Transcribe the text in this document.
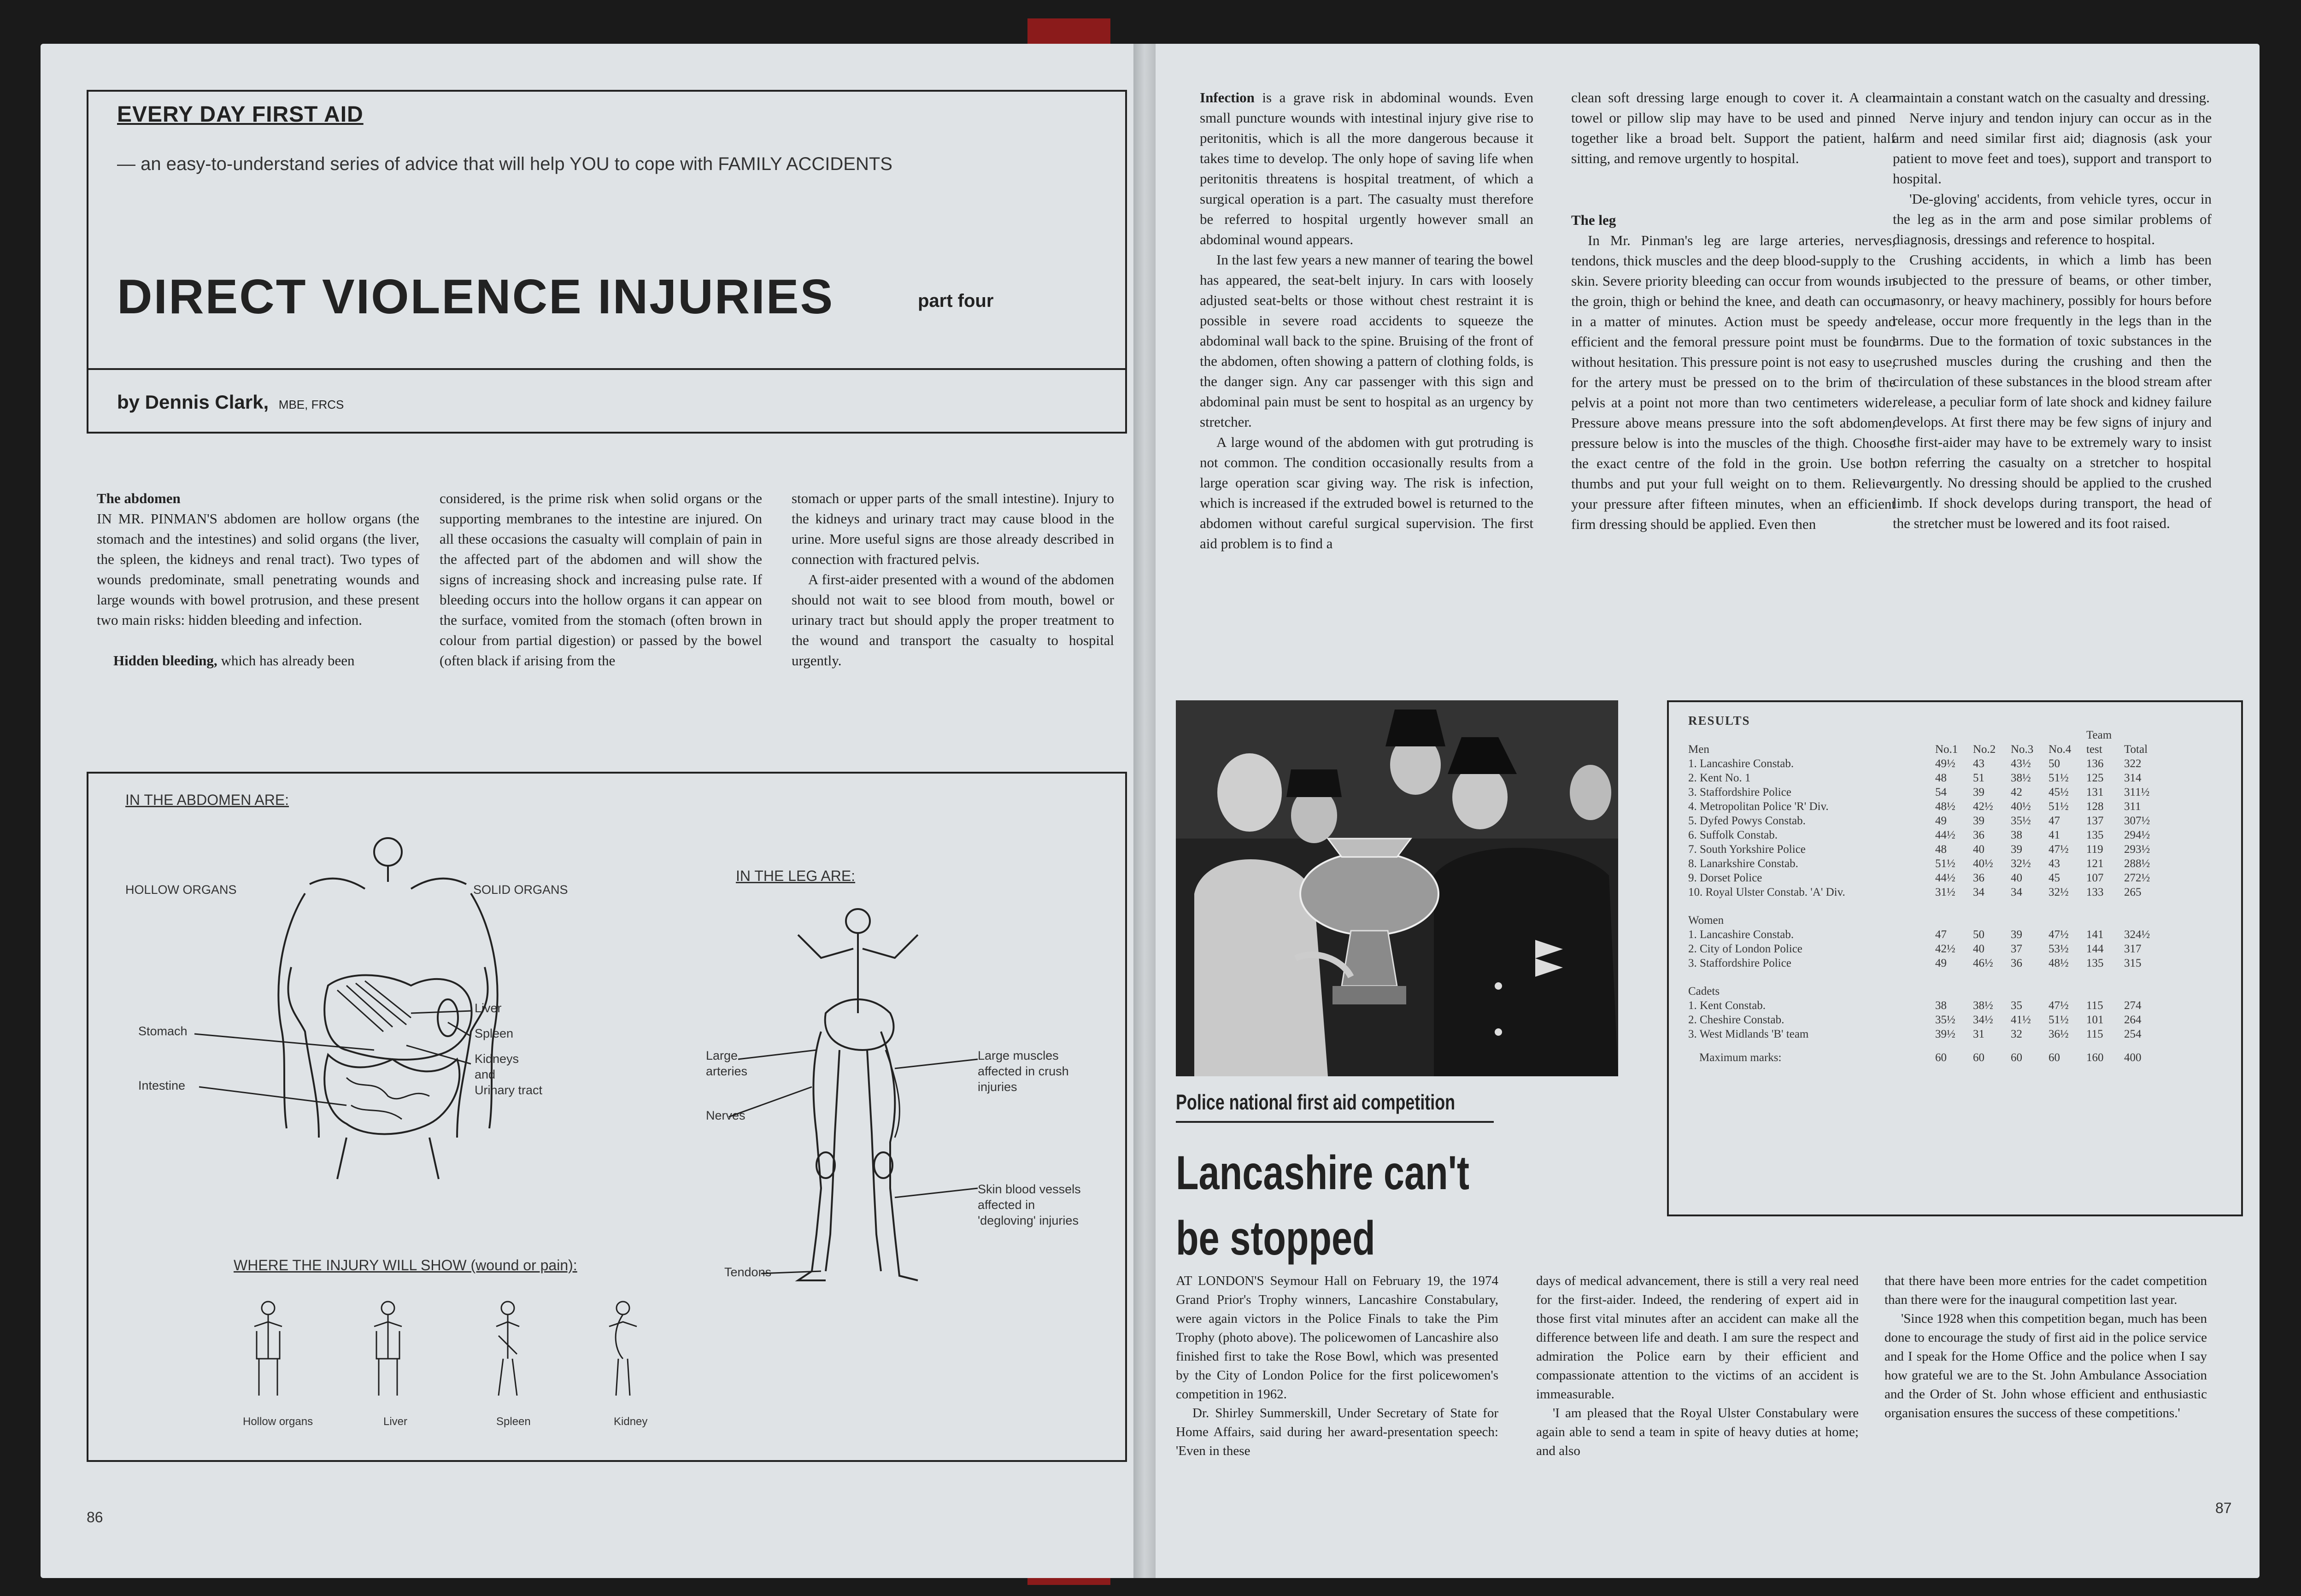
EVERY DAY FIRST AID
— an easy-to-understand series of advice that will help YOU to cope with FAMILY ACCIDENTS
DIRECT VIOLENCE INJURIES	part four
by Dennis Clark, MBE, FRCS

The abdomen

IN MR. PINMAN'S abdomen are hollow organs (the stomach and the intestines) and solid organs (the liver, the spleen, the kidneys and renal tract). Two types of wounds predominate, small penetrating wounds and large wounds with bowel protrusion, and these present two main risks: hidden bleeding and infection.

Hidden bleeding, which has already been

considered, is the prime risk when solid organs or the supporting membranes to the intestine are injured. On all these occasions the casualty will complain of pain in the affected part of the abdomen and will show the signs of increasing shock and increasing pulse rate. If bleeding occurs into the hollow organs it can appear on the surface, vomited from the stomach (often brown in colour from partial digestion) or passed by the bowel (often black if arising from the

stomach or upper parts of the small intestine). Injury to the kidneys and urinary tract may cause blood in the urine. More useful signs are those already described in connection with fractured pelvis.

A first-aider presented with a wound of the abdomen should not wait to see blood from mouth, bowel or urinary tract but should apply the proper treatment to the wound and transport the casualty to hospital urgently.

IN THE ABDOMEN ARE:
HOLLOW ORGANS	SOLID ORGANS
Stomach
Intestine
Liver
Spleen
Kidneys
and
Urinary tract
IN THE LEG ARE:
Large
arteries
Nerves
Tendons
Large muscles
affected in crush
injuries
Skin blood vessels
affected in
'degloving' injuries
WHERE THE INJURY WILL SHOW (wound or pain):
Hollow organs	Liver	Spleen	Kidney
86

Infection is a grave risk in abdominal wounds. Even small puncture wounds with intestinal injury give rise to peritonitis, which is all the more dangerous because it takes time to develop. The only hope of saving life when peritonitis threatens is hospital treatment, of which a surgical operation is a part. The casualty must therefore be referred to hospital urgently however small an abdominal wound appears.

In the last few years a new manner of tearing the bowel has appeared, the seat-belt injury. In cars with loosely adjusted seat-belts or those without chest restraint it is possible in severe road accidents to squeeze the abdominal wall back to the spine. Bruising of the front of the abdomen, often showing a pattern of clothing folds, is the danger sign. Any car passenger with this sign and abdominal pain must be sent to hospital as an urgency by stretcher.

A large wound of the abdomen with gut protruding is not common. The condition occasionally results from a large operation scar giving way. The risk is infection, which is increased if the extruded bowel is returned to the abdomen without careful surgical supervision. The first aid problem is to find a

clean soft dressing large enough to cover it. A clean towel or pillow slip may have to be used and pinned together like a broad belt. Support the patient, half sitting, and remove urgently to hospital.

The leg

In Mr. Pinman's leg are large arteries, nerves, tendons, thick muscles and the deep blood-supply to the skin. Severe priority bleeding can occur from wounds in the groin, thigh or behind the knee, and death can occur in a matter of minutes. Action must be speedy and efficient and the femoral pressure point must be found without hesitation. This pressure point is not easy to use, for the artery must be pressed on to the brim of the pelvis at a point not more than two centimeters wide. Pressure above means pressure into the soft abdomen, pressure below is into the muscles of the thigh. Choose the exact centre of the fold in the groin. Use both thumbs and put your full weight on to them. Relieve your pressure after fifteen minutes, when an efficient firm dressing should be applied. Even then

maintain a constant watch on the casualty and dressing.

Nerve injury and tendon injury can occur as in the arm and need similar first aid; diagnosis (ask your patient to move feet and toes), support and transport to hospital.

'De-gloving' accidents, from vehicle tyres, occur in the leg as in the arm and pose similar problems of diagnosis, dressings and reference to hospital.

Crushing accidents, in which a limb has been subjected to the pressure of beams, or other timber, masonry, or heavy machinery, possibly for hours before release, occur more frequently in the legs than in the arms. Due to the formation of toxic substances in the crushed muscles during the crushing and then the circulation of these substances in the blood stream after release, a peculiar form of late shock and kidney failure develops. At first there may be few signs of injury and the first-aider may have to be extremely wary to insist on referring the casualty on a stretcher to hospital urgently. No dressing should be applied to the crushed limb. If shock develops during transport, the head of the stretcher must be lowered and its foot raised.

Police national first aid competition
Lancashire can't
be stopped

AT LONDON'S Seymour Hall on February 19, the 1974 Grand Prior's Trophy winners, Lancashire Constabulary, were again victors in the Police Finals to take the Pim Trophy (photo above). The policewomen of Lancashire also finished first to take the Rose Bowl, which was presented by the City of London Police for the first policewomen's competition in 1962.

Dr. Shirley Summerskill, Under Secretary of State for Home Affairs, said during her award-presentation speech: 'Even in these

days of medical advancement, there is still a very real need for the first-aider. Indeed, the rendering of expert aid in those first vital minutes after an accident can make all the difference between life and death. I am sure the respect and admiration the Police earn by their efficient and compassionate attention to the victims of an accident is immeasurable.

'I am pleased that the Royal Ulster Constabulary were again able to send a team in spite of heavy duties at home; and also

that there have been more entries for the cadet competition than there were for the inaugural competition last year.

'Since 1928 when this competition began, much has been done to encourage the study of first aid in the police service and I speak for the Home Office and the police when I say how grateful we are to the St. John Ambulance Association and the Order of St. John whose efficient and enthusiastic organisation ensures the success of these competitions.'

RESULTS
					Team	
Men	No.1	No.2	No.3	No.4	test	Total
1. Lancashire Constab.	49½	43	43½	50	136	322
2. Kent No. 1	48	51	38½	51½	125	314
3. Staffordshire Police	54	39	42	45½	131	311½
4. Metropolitan Police 'R' Div.	48½	42½	40½	51½	128	311
5. Dyfed Powys Constab.	49	39	35½	47	137	307½
6. Suffolk Constab.	44½	36	38	41	135	294½
7. South Yorkshire Police	48	40	39	47½	119	293½
8. Lanarkshire Constab.	51½	40½	32½	43	121	288½
9. Dorset Police	44½	36	40	45	107	272½
10. Royal Ulster Constab. 'A' Div.	31½	34	34	32½	133	265
Women						
1. Lancashire Constab.	47	50	39	47½	141	324½
2. City of London Police	42½	40	37	53½	144	317
3. Staffordshire Police	49	46½	36	48½	135	315
Cadets						
1. Kent Constab.	38	38½	35	47½	115	274
2. Cheshire Constab.	35½	34½	41½	51½	101	264
3. West Midlands 'B' team	39½	31	32	36½	115	254
Maximum marks:	60	60	60	60	160	400
87
